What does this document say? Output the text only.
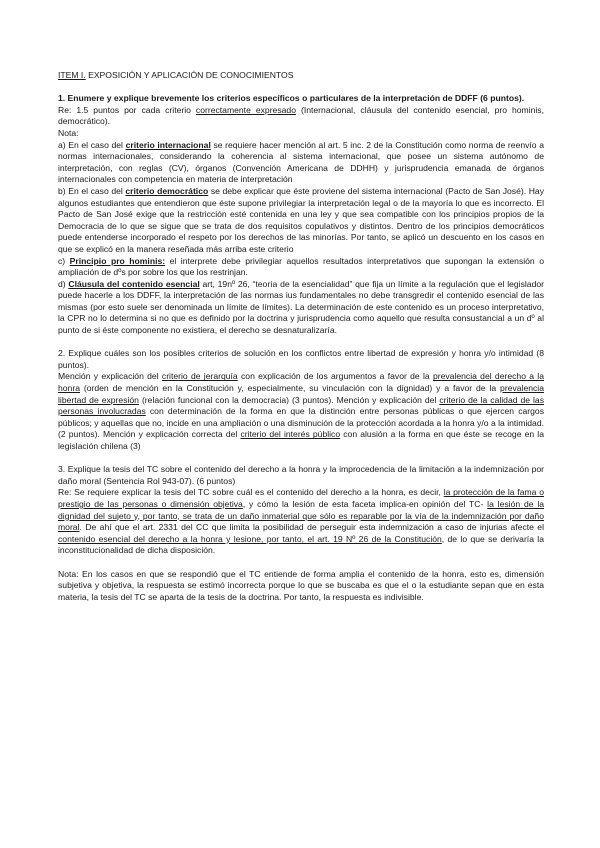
ITEM I. EXPOSICIÓN Y APLICACIÓN DE CONOCIMIENTOS

1. Enumere y explique brevemente los criterios específicos o particulares de la interpretación de DDFF (6 puntos).

Re: 1.5 puntos por cada criterio correctamente expresado (Internacional, cláusula del contenido esencial, pro hominis, democrático).

Nota:

a) En el caso del criterio internacional se requiere hacer mención al art. 5 inc. 2 de la Constitución como norma de reenvío a normas internacionales, considerando la coherencia al sistema internacional, que posee un sistema autónomo de interpretación, con reglas (CV), órganos (Convención Americana de DDHH) y jurisprudencia emanada de órganos internacionales con competencia en materia de interpretación

b) En el caso del criterio democrático se debe explicar que éste proviene del sistema internacional (Pacto de San José). Hay algunos estudiantes que entendieron que éste supone privilegiar la interpretación legal o de la mayoría lo que es incorrecto. El Pacto de San José exige que la restricción esté contenida en una ley y que sea compatible con los principios propios de la Democracia de lo que se sigue que se trata de dos requisitos copulativos y distintos. Dentro de los principios democráticos puede entenderse incorporado el respeto por los derechos de las minorías. Por tanto, se aplicó un descuento en los casos en que se explicó en la manera reseñada más arriba este criterio

c) Principio pro hominis: el interprete debe privilegiar aquellos resultados interpretativos que supongan la extensión o ampliación de dºs por sobre los que los restrinjan.

d) Cláusula del contenido esencial art, 19nº 26, “teoría de la esencialidad” que fija un límite a la regulación que el legislador puede hacerle a los DDFF, la interpretación de las normas ius fundamentales no debe transgredir el contenido esencial de las mismas (por esto suele ser denominada un límite de límites). La determinación de este contenido es un proceso interpretativo, la CPR no lo determina si no que es definido por la doctrina y jurisprudencia como aquello que resulta consustancial a un dº al punto de si éste componente no existiera, el derecho se desnaturalizaría.

2. Explique cuáles son los posibles criterios de solución en los conflictos entre libertad de expresión y honra y/o intimidad (8 puntos).

Mención y explicación del criterio de jerarquía con explicación de los argumentos a favor de la prevalencia del derecho a la honra (orden de mención en la Constitución y, especialmente, su vinculación con la dignidad) y a favor de la prevalencia libertad de expresión (relación funcional con la democracia) (3 puntos). Mención y explicación del criterio de la calidad de las personas involucradas con determinación de la forma en que la distinción entre personas públicas o que ejercen cargos públicos; y aquellas que no, incide en una ampliación o una disminución de la protección acordada a la honra y/o a la intimidad. (2 puntos). Mención y explicación correcta del criterio del interés público con alusión a la forma en que éste se recoge en la legislación chilena (3)

3. Explique la tesis del TC sobre el contenido del derecho a la honra y la improcedencia de la limitación a la indemnización por daño moral (Sentencia Rol 943-07). (6 puntos)

Re: Se requiere explicar la tesis del TC sobre cuál es el contenido del derecho a la honra, es decir, la protección de la fama o prestigio de las personas o dimensión objetiva, y cómo la lesión de esta faceta implica-en opinión del TC- la lesión de la dignidad del sujeto y, por tanto, se trata de un daño inmaterial que sólo es reparable por la vía de la indemnización por daño moral. De ahí que el art. 2331 del CC que limita la posibilidad de perseguir esta indemnización a caso de injurias afecte el contenido esencial del derecho a la honra y lesione, por tanto, el art. 19 Nº 26 de la Constitución, de lo que se derivaría la inconstitucionalidad de dicha disposición.

Nota: En los casos en que se respondió que el TC entiende de forma amplia el contenido de la honra, esto es, dimensión subjetiva y objetiva, la respuesta se estimó incorrecta porque lo que se buscaba es que el o la estudiante sepan que en esta materia, la tesis del TC se aparta de la tesis de la doctrina. Por tanto, la respuesta es indivisible.
